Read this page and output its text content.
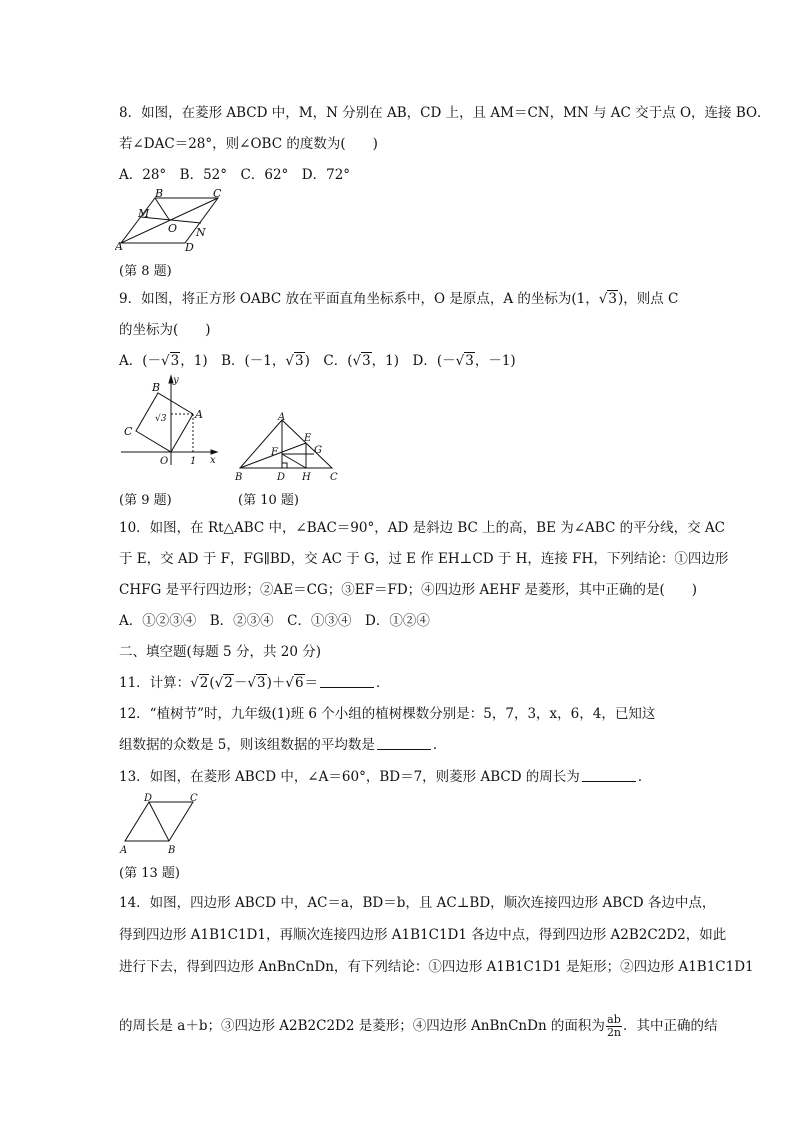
8．如图，在菱形 ABCD 中，M，N 分别在 AB，CD 上，且 AM＝CN，MN 与 AC 交于点 O，连接 BO．
若∠DAC＝28°，则∠OBC 的度数为(　　)
A．28°　B．52°　C．62°　D．72°
A
B	C
D
M
N
O
(第 8 题)
9．如图，将正方形 OABC 放在平面直角坐标系中，O 是原点，A 的坐标为(1，√3)，则点 C
的坐标为(　　)
A．(－√3，1)　B．(－1，√3)　C．(√3，1)　D．(－√3，－1)
B
A
C
O
y
x
1
√3
(第 9 题)
A
E
F	G
B	D H C
(第 10 题)
10．如图，在 Rt△ABC 中，∠BAC＝90°，AD 是斜边 BC 上的高，BE 为∠ABC 的平分线，交 AC
于 E，交 AD 于 F，FG∥BD，交 AC 于 G，过 E 作 EH⊥CD 于 H，连接 FH，下列结论：①四边形
CHFG 是平行四边形；②AE＝CG；③EF＝FD；④四边形 AEHF 是菱形，其中正确的是(　　)
A．①②③④　B．②③④　C．①③④　D．①②④
二、填空题(每题 5 分，共 20 分)
11．计算：√2(√2－√3)＋√6＝	．
12．“植树节”时，九年级(1)班 6 个小组的植树棵数分别是：5，7，3，x，6，4，已知这
组数据的众数是 5，则该组数据的平均数是	．
13．如图，在菱形 ABCD 中，∠A＝60°，BD＝7，则菱形 ABCD 的周长为	．
D	C
A	B
(第 13 题)
14．如图，四边形 ABCD 中，AC＝a，BD＝b，且 AC⊥BD，顺次连接四边形 ABCD 各边中点，
得到四边形 A1B1C1D1，再顺次连接四边形 A1B1C1D1 各边中点，得到四边形 A2B2C2D2，如此
进行下去，得到四边形 AnBnCnDn，有下列结论：①四边形 A1B1C1D1 是矩形；②四边形 A1B1C1D1
的周长是 a＋b；③四边形 A2B2C2D2 是菱形；④四边形 AnBnCnDn 的面积为 $\frac{ab}{2n}$ ．其中正确的结
